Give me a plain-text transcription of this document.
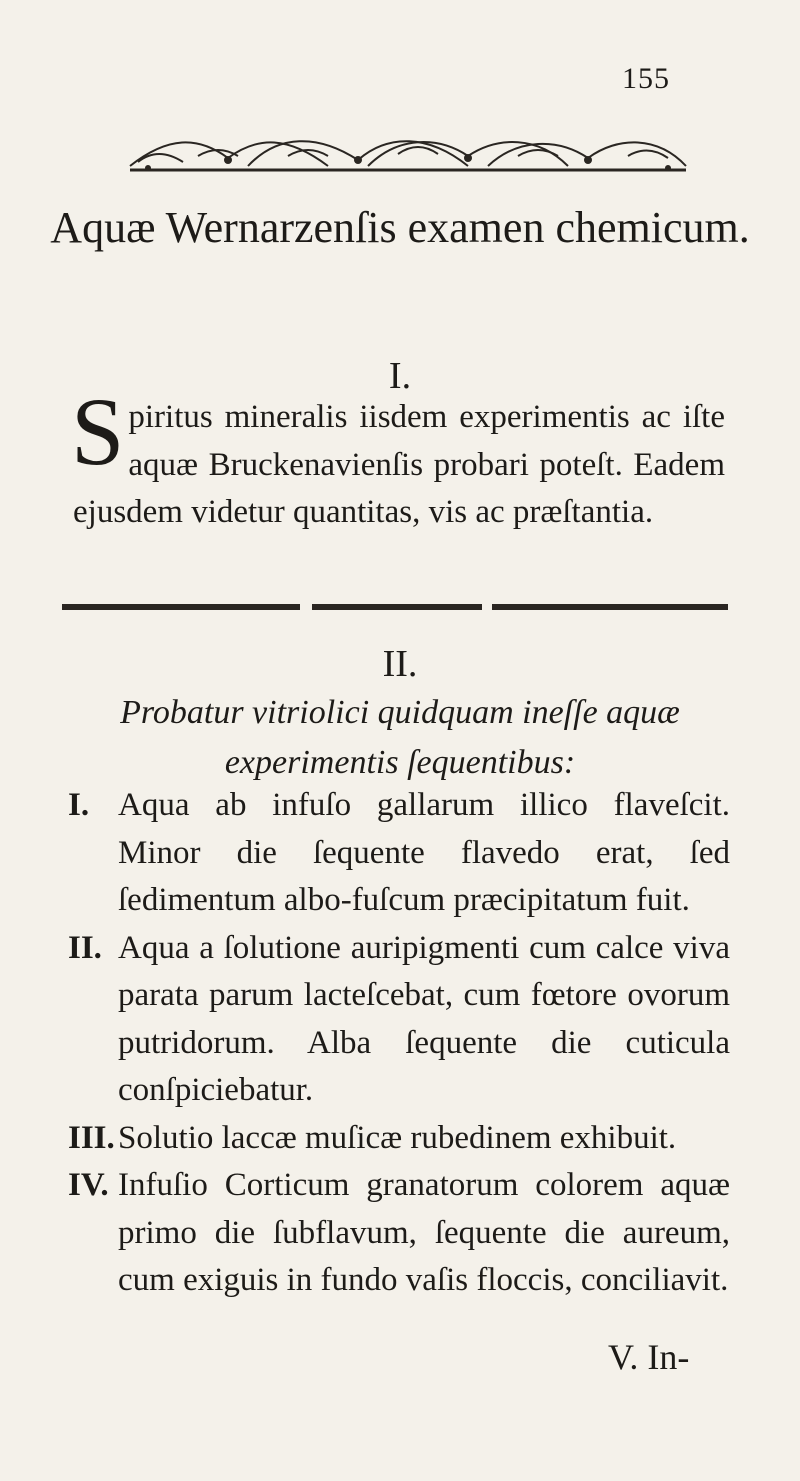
155
Aquæ Wernarzenſis examen chemicum.
I.
S piritus mineralis iisdem experimentis ac iſte aquæ Bruckenavienſis probari poteſt. Eadem ejusdem videtur quantitas, vis ac præſtantia.
II.
Probatur vitriolici quidquam ineſſe aquæ experimentis ſequentibus:
I. Aqua ab infuſo gallarum illico flaveſcit. Minor die ſequente flavedo erat, ſed ſedimentum albo-fuſcum præcipitatum fuit.
II. Aqua a ſolutione auripigmenti cum calce viva parata parum lacteſcebat, cum fœtore ovorum putridorum. Alba ſequente die cuticula conſpiciebatur.
III. Solutio laccæ muſicæ rubedinem exhibuit.
IV. Infuſio Corticum granatorum colorem aquæ primo die ſubflavum, ſequente die aureum, cum exiguis in fundo vaſis floccis, conciliavit.
V. In-
